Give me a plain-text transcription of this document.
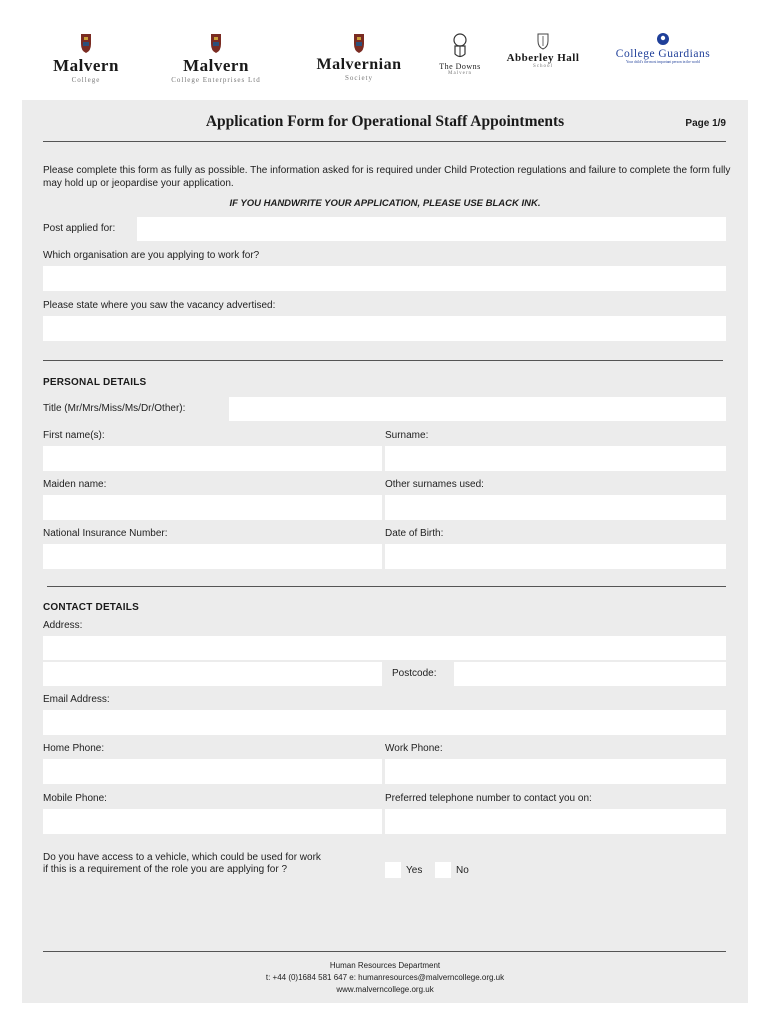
Malvern
College
Malvern
College Enterprises Ltd
Malvernian
Society
The Downs
Malvern
Abberley Hall
School
College Guardians
Your child's the most important person in the world
Application Form for Operational Staff Appointments	Page 1/9
Please complete this form as fully as possible. The information asked for is required under Child Protection regulations and failure to complete the form fully may hold up or jeopardise your application.
IF YOU HANDWRITE YOUR APPLICATION, PLEASE USE BLACK INK.
Post applied for:
Which organisation are you applying to work for?
Please state where you saw the vacancy advertised:
PERSONAL DETAILS
Title (Mr/Mrs/Miss/Ms/Dr/Other):
First name(s):	Surname:
Maiden name:	Other surnames used:
National Insurance Number:	Date of Birth:
CONTACT DETAILS
Address:
Postcode:
Email Address:
Home Phone:	Work Phone:
Mobile Phone:	Preferred telephone number to contact you on:
Do you have access to a vehicle, which could be used for work
if this is a requirement of the role you are applying for ?	Yes	No
Human Resources Department
t: +44 (0)1684 581 647 e: humanresources@malverncollege.org.uk
www.malverncollege.org.uk
